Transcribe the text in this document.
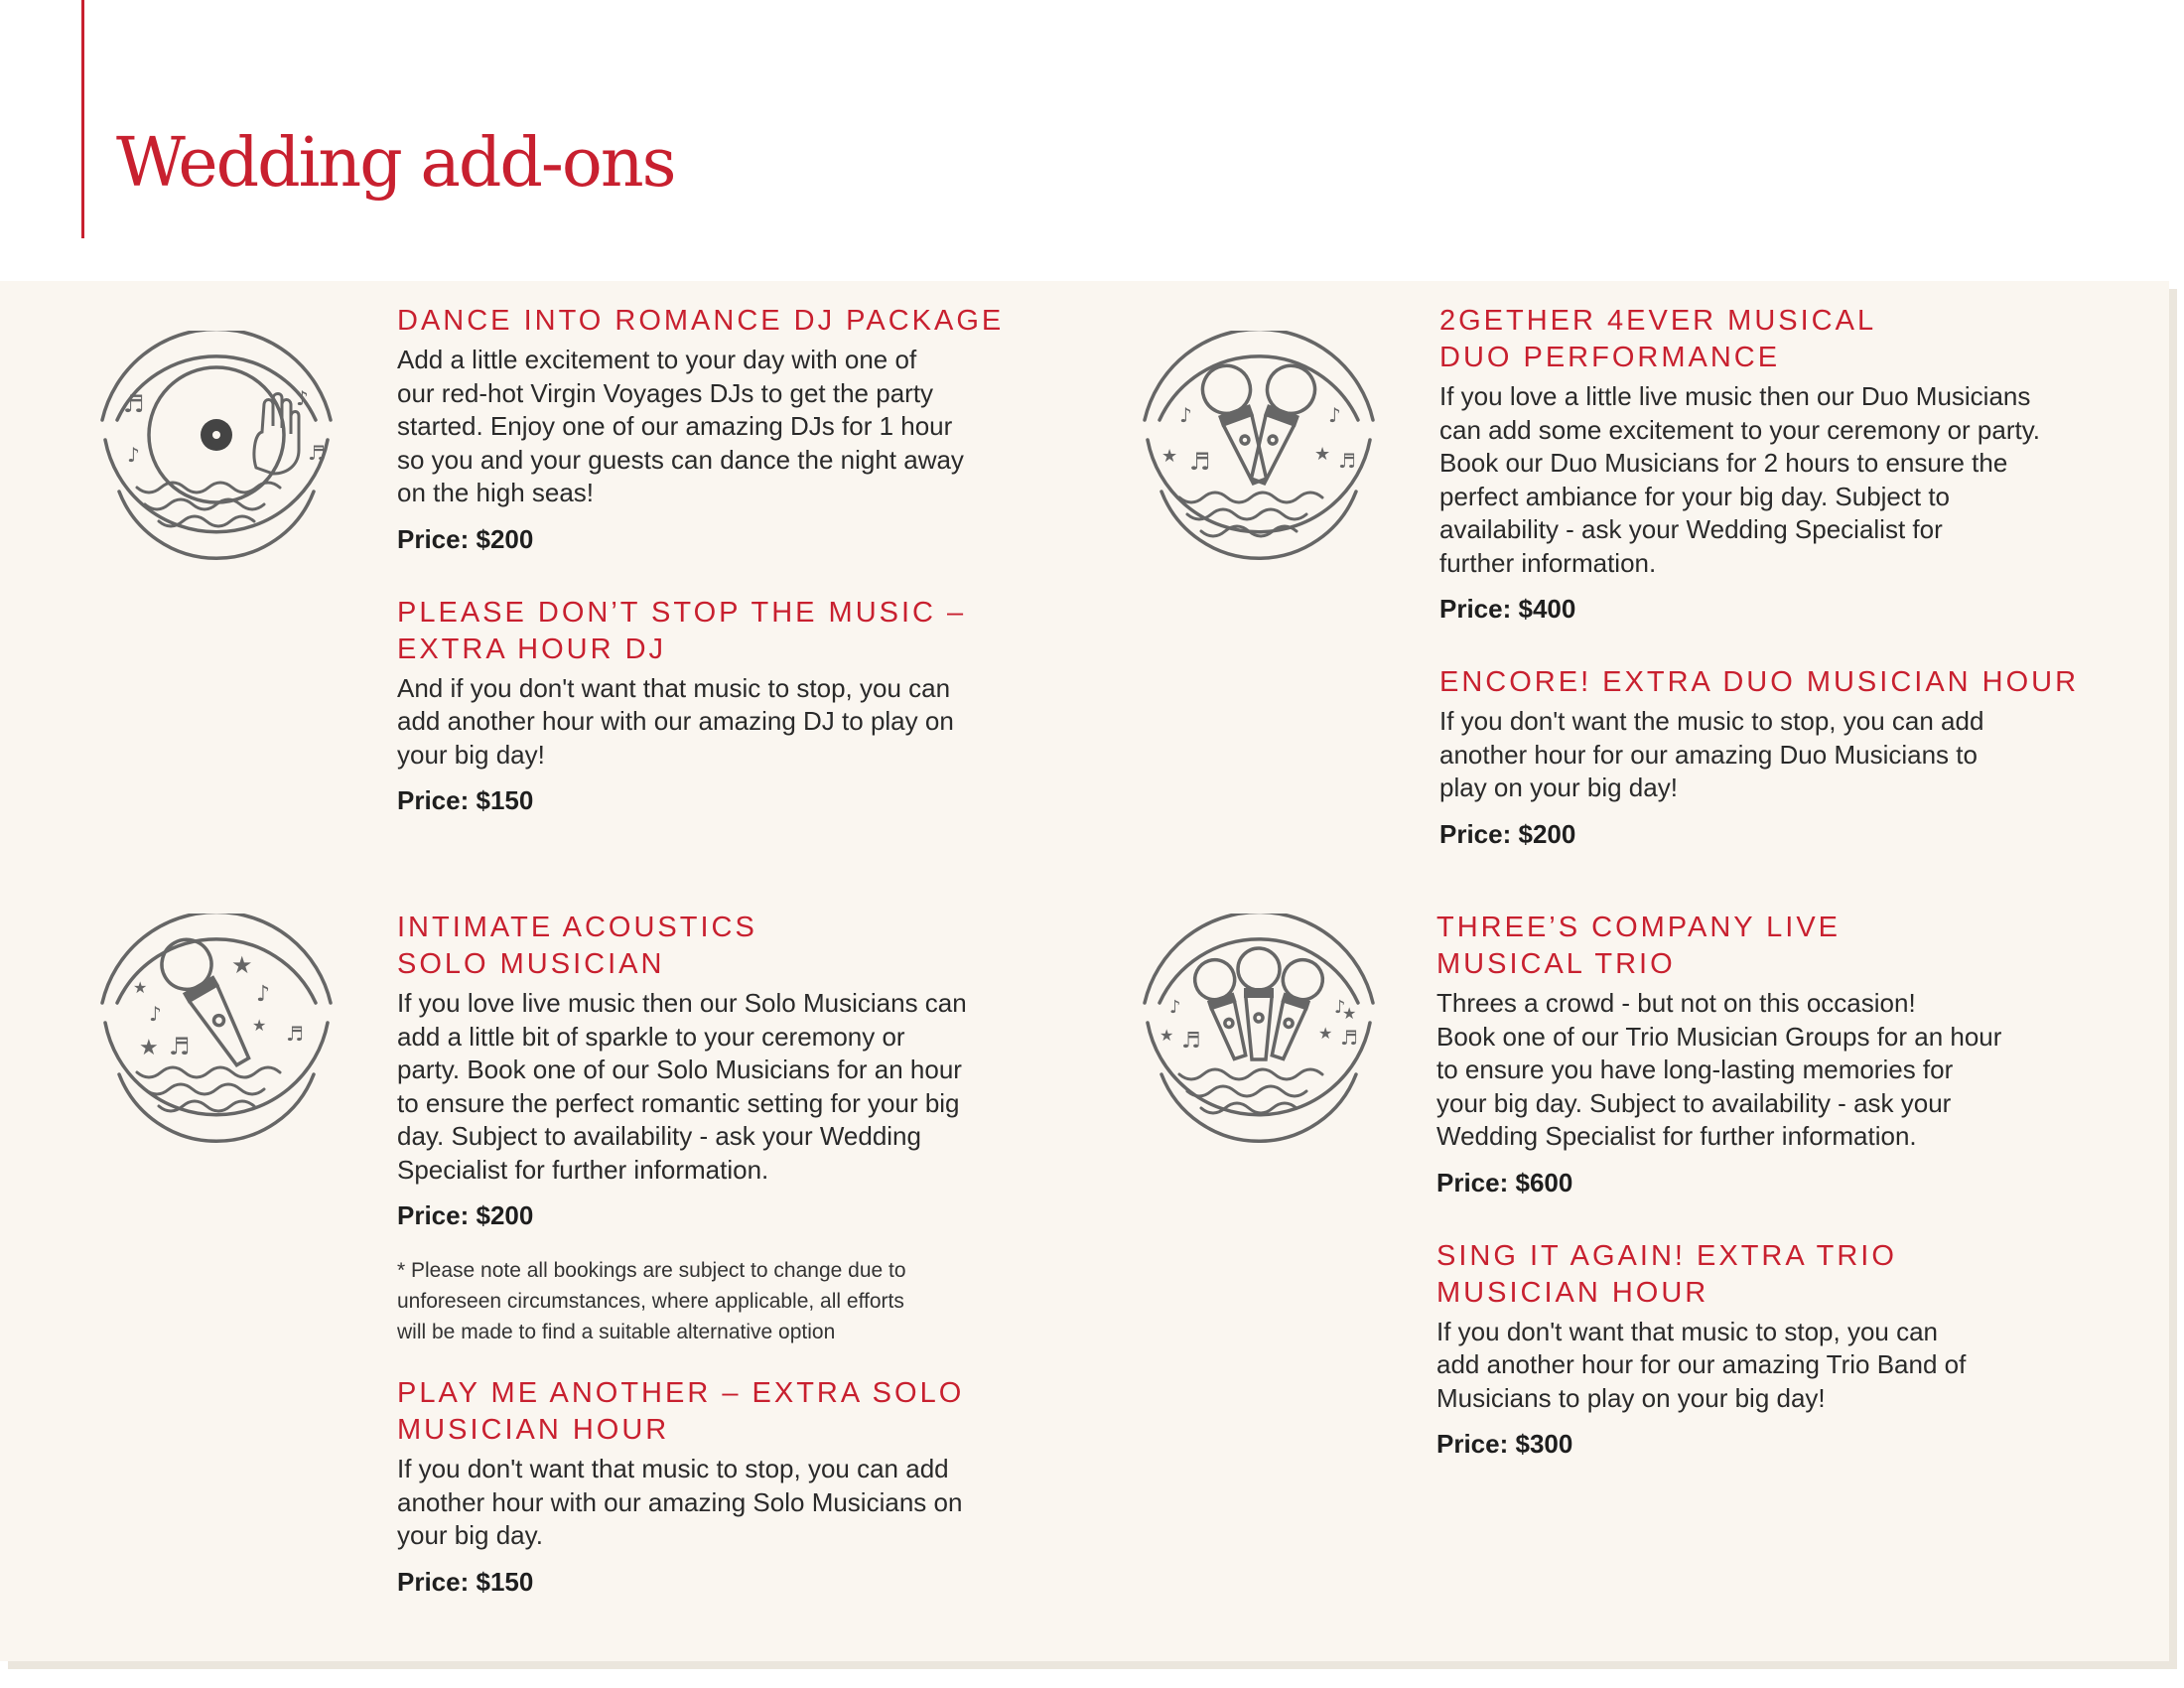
Wedding add-ons
♬
♪
♪
♬
♪
★ ♬
♪
★ ♬
★
♪
★ ♬
★
♪
★ ♬
♪
★ ♬
♪
★
★
♬
DANCE INTO ROMANCE DJ PACKAGE

Add a little excitement to your day with one of
our red-hot Virgin Voyages DJs to get the party
started. Enjoy one of our amazing DJs for 1 hour
so you and your guests can dance the night away
on the high seas!

Price: $200

PLEASE DON’T STOP THE MUSIC –
EXTRA HOUR DJ

And if you don't want that music to stop, you can
add another hour with our amazing DJ to play on
your big day!

Price: $150

INTIMATE ACOUSTICS
SOLO MUSICIAN

If you love live music then our Solo Musicians can
add a little bit of sparkle to your ceremony or
party. Book one of our Solo Musicians for an hour
to ensure the perfect romantic setting for your big
day. Subject to availability - ask your Wedding
Specialist for further information.

Price: $200

* Please note all bookings are subject to change due to
unforeseen circumstances, where applicable, all efforts
will be made to find a suitable alternative option

PLAY ME ANOTHER – EXTRA SOLO
MUSICIAN HOUR

If you don't want that music to stop, you can add
another hour with our amazing Solo Musicians on
your big day.

Price: $150

2GETHER 4EVER MUSICAL
DUO PERFORMANCE

If you love a little live music then our Duo Musicians
can add some excitement to your ceremony or party.
Book our Duo Musicians for 2 hours to ensure the
perfect ambiance for your big day. Subject to
availability - ask your Wedding Specialist for
further information.

Price: $400

ENCORE! EXTRA DUO MUSICIAN HOUR

If you don't want the music to stop, you can add
another hour for our amazing Duo Musicians to
play on your big day!

Price: $200

THREE’S COMPANY LIVE
MUSICAL TRIO

Threes a crowd - but not on this occasion!
Book one of our Trio Musician Groups for an hour
to ensure you have long-lasting memories for
your big day. Subject to availability - ask your
Wedding Specialist for further information.

Price: $600

SING IT AGAIN! EXTRA TRIO
MUSICIAN HOUR

If you don't want that music to stop, you can
add another hour for our amazing Trio Band of
Musicians to play on your big day!

Price: $300
